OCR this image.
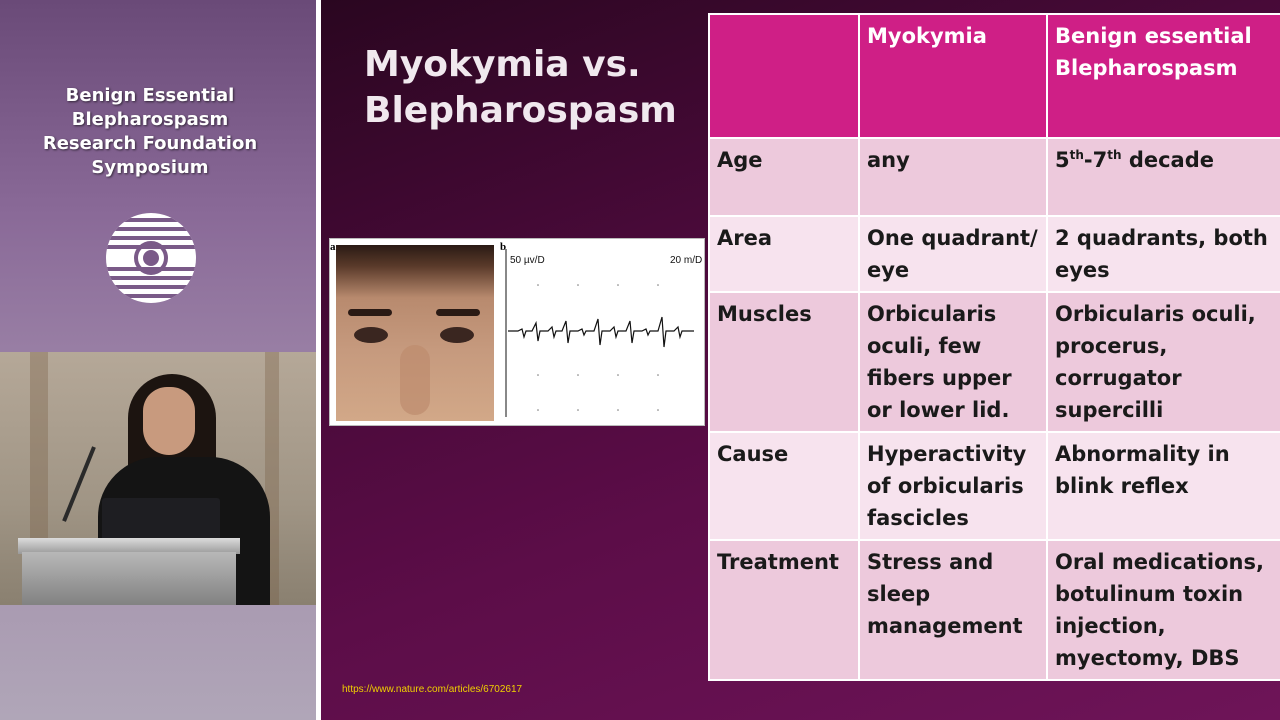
Benign Essential
Blepharospasm
Research Foundation
Symposium
Myokymia vs.
Blepharospasm
a	b
50 µv/D	20 m/D
https://www.nature.com/articles/6702617
	Myokymia	Benign essential Blepharospasm
Age	any	5th-7th decade
Area	One quadrant/ eye	2 quadrants, both eyes
Muscles	Orbicularis oculi, few fibers upper or lower lid.	Orbicularis oculi, procerus, corrugator supercilli
Cause	Hyperactivity of orbicularis fascicles	Abnormality in blink reflex
Treatment	Stress and sleep management	Oral medications, botulinum toxin injection, myectomy, DBS
